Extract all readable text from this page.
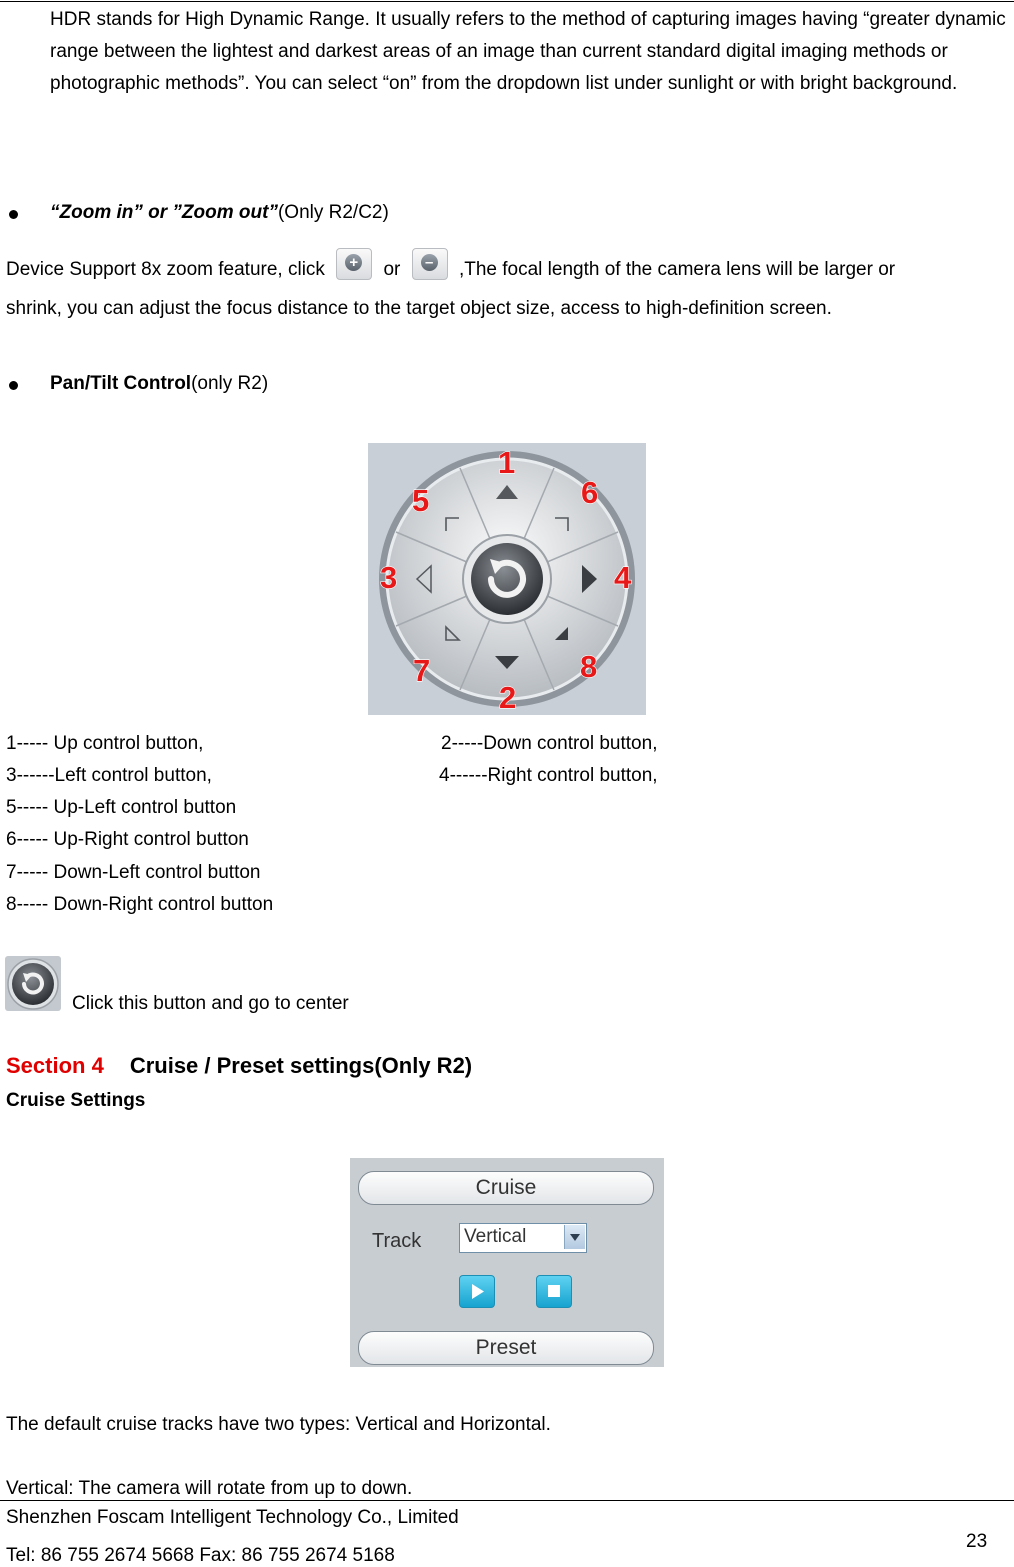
HDR stands for High Dynamic Range. It usually refers to the method of capturing images having “greater dynamic range between the lightest and darkest areas of an image than current standard digital imaging methods or photographic methods”. You can select “on” from the dropdown list under sunlight or with bright background.
“Zoom in” or ”Zoom out”(Only R2/C2)
Device Support 8x zoom feature, click + or – ,The focal length of the camera lens will be larger or
shrink, you can adjust the focus distance to the target object size, access to high-definition screen.
Pan/Tilt Control(only R2)
1
2
3	4
5	6
7	8
1----- Up control button,	2-----Down control button,
3------Left control button,	4------Right control button,
5----- Up-Left control button
6----- Up-Right control button
7----- Down-Left control button
8----- Down-Right control button
Click this button and go to center
Section 4 Cruise / Preset settings(Only R2)
Cruise Settings
Cruise
Track Vertical
Preset
The default cruise tracks have two types: Vertical and Horizontal.
Vertical: The camera will rotate from up to down.
Shenzhen Foscam Intelligent Technology Co., Limited
Tel: 86 755 2674 5668 Fax: 86 755 2674 5168
23
